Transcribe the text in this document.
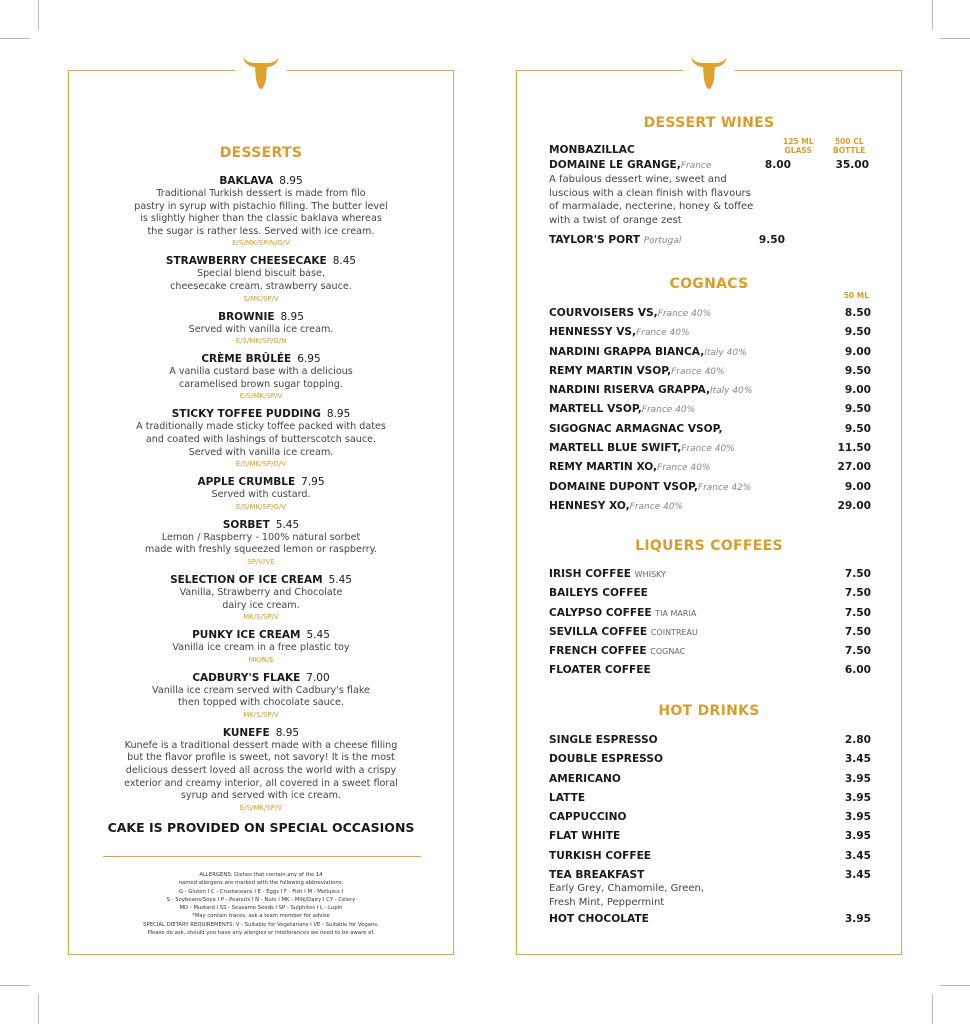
DESSERTS
BAKLAVA 8.95
Traditional Turkish dessert is made from filo
pastry in syrup with pistachio filling. The butter level
is slightly higher than the classic baklava whereas
the sugar is rather less. Served with ice cream.
E/S/MK/SP/N/G/V
STRAWBERRY CHEESECAKE 8.45
Special blend biscuit base,
cheesecake cream, strawberry sauce.
S/MK/SP/V
BROWNIE 8.95
Served with vanilla ice cream.
E/S/MK/SP/G/N
CRÈME BRÛLÉE 6.95
A vanilla custard base with a delicious
caramelised brown sugar topping.
E/S/MK/SP/V
STICKY TOFFEE PUDDING 8.95
A traditionally made sticky toffee packed with dates
and coated with lashings of butterscotch sauce.
Served with vanilla ice cream.
E/S/MK/SP/G/V
APPLE CRUMBLE 7.95
Served with custard.
E/S/MK/SP/G/V
SORBET 5.45
Lemon / Raspberry - 100% natural sorbet
made with freshly squeezed lemon or raspberry.
SP/V/VE
SELECTION OF ICE CREAM 5.45
Vanilla, Strawberry and Chocolate
dairy ice cream.
MK/S/SP/V
PUNKY ICE CREAM 5.45
Vanilla ice cream in a free plastic toy
MK/N/E
CADBURY'S FLAKE 7.00
Vanilla ice cream served with Cadbury's flake
then topped with chocolate sauce.
MK/S/SP/V
KUNEFE 8.95
Kunefe is a traditional dessert made with a cheese filling
but the flavor profile is sweet, not savory! It is the most
delicious dessert loved all across the world with a crispy
exterior and creamy interior, all covered in a sweet floral
syrup and served with ice cream.
E/S/MK/SP/V
CAKE IS PROVIDED ON SPECIAL OCCASIONS
ALLERGENS: Dishes that contain any of the 14
named allergens are marked with the following abbreviations:
G - Gluten I C - Crustaceans I E - Eggs I F - Fish I M - Molluscs I
S - Soybeans/Soya I P - Peanuts I N - Nuts I MK - Milk/Dairy I CY - Celery
MD - Mustard I SS - Seasame Seeds I SP - Sulphites I L - Lupin
*May contain traces, ask a team member for advise
SPECIAL DIETARY REQUIREMENTS: V - Suitable for Vegetarians I VE - Suitable for Vegans.
Please do ask, should you have any allergies or intollerances we need to be aware of.
DESSERT WINES
125 ML
GLASS
500 CL
BOTTLE
MONBAZILLAC
DOMAINE LE GRANGE,France	8.00	35.00
A fabulous dessert wine, sweet and
luscious with a clean finish with flavours
of marmalade, necterine, honey & toffee
with a twist of orange zest
TAYLOR'S PORT Portugal	9.50
COGNACS
50 ML
COURVOISERS VS,France 40%	8.50
HENNESSY VS,France 40%	9.50
NARDINI GRAPPA BIANCA,Italy 40%	9.00
REMY MARTIN VSOP,France 40%	9.50
NARDINI RISERVA GRAPPA,Italy 40%	9.00
MARTELL VSOP,France 40%	9.50
SIGOGNAC ARMAGNAC VSOP,	9.50
MARTELL BLUE SWIFT,France 40%	11.50
REMY MARTIN XO,France 40%	27.00
DOMAINE DUPONT VSOP,France 42%	9.00
HENNESY XO,France 40%	29.00
LIQUERS COFFEES
IRISH COFFEE WHISKY	7.50
BAILEYS COFFEE	7.50
CALYPSO COFFEE TIA MARIA	7.50
SEVILLA COFFEE COINTREAU	7.50
FRENCH COFFEE COGNAC	7.50
FLOATER COFFEE	6.00
HOT DRINKS
SINGLE ESPRESSO	2.80
DOUBLE ESPRESSO	3.45
AMERICANO	3.95
LATTE	3.95
CAPPUCCINO	3.95
FLAT WHITE	3.95
TURKISH COFFEE	3.45
TEA BREAKFAST	3.45
Early Grey, Chamomile, Green,
Fresh Mint, Peppermint
HOT CHOCOLATE	3.95
